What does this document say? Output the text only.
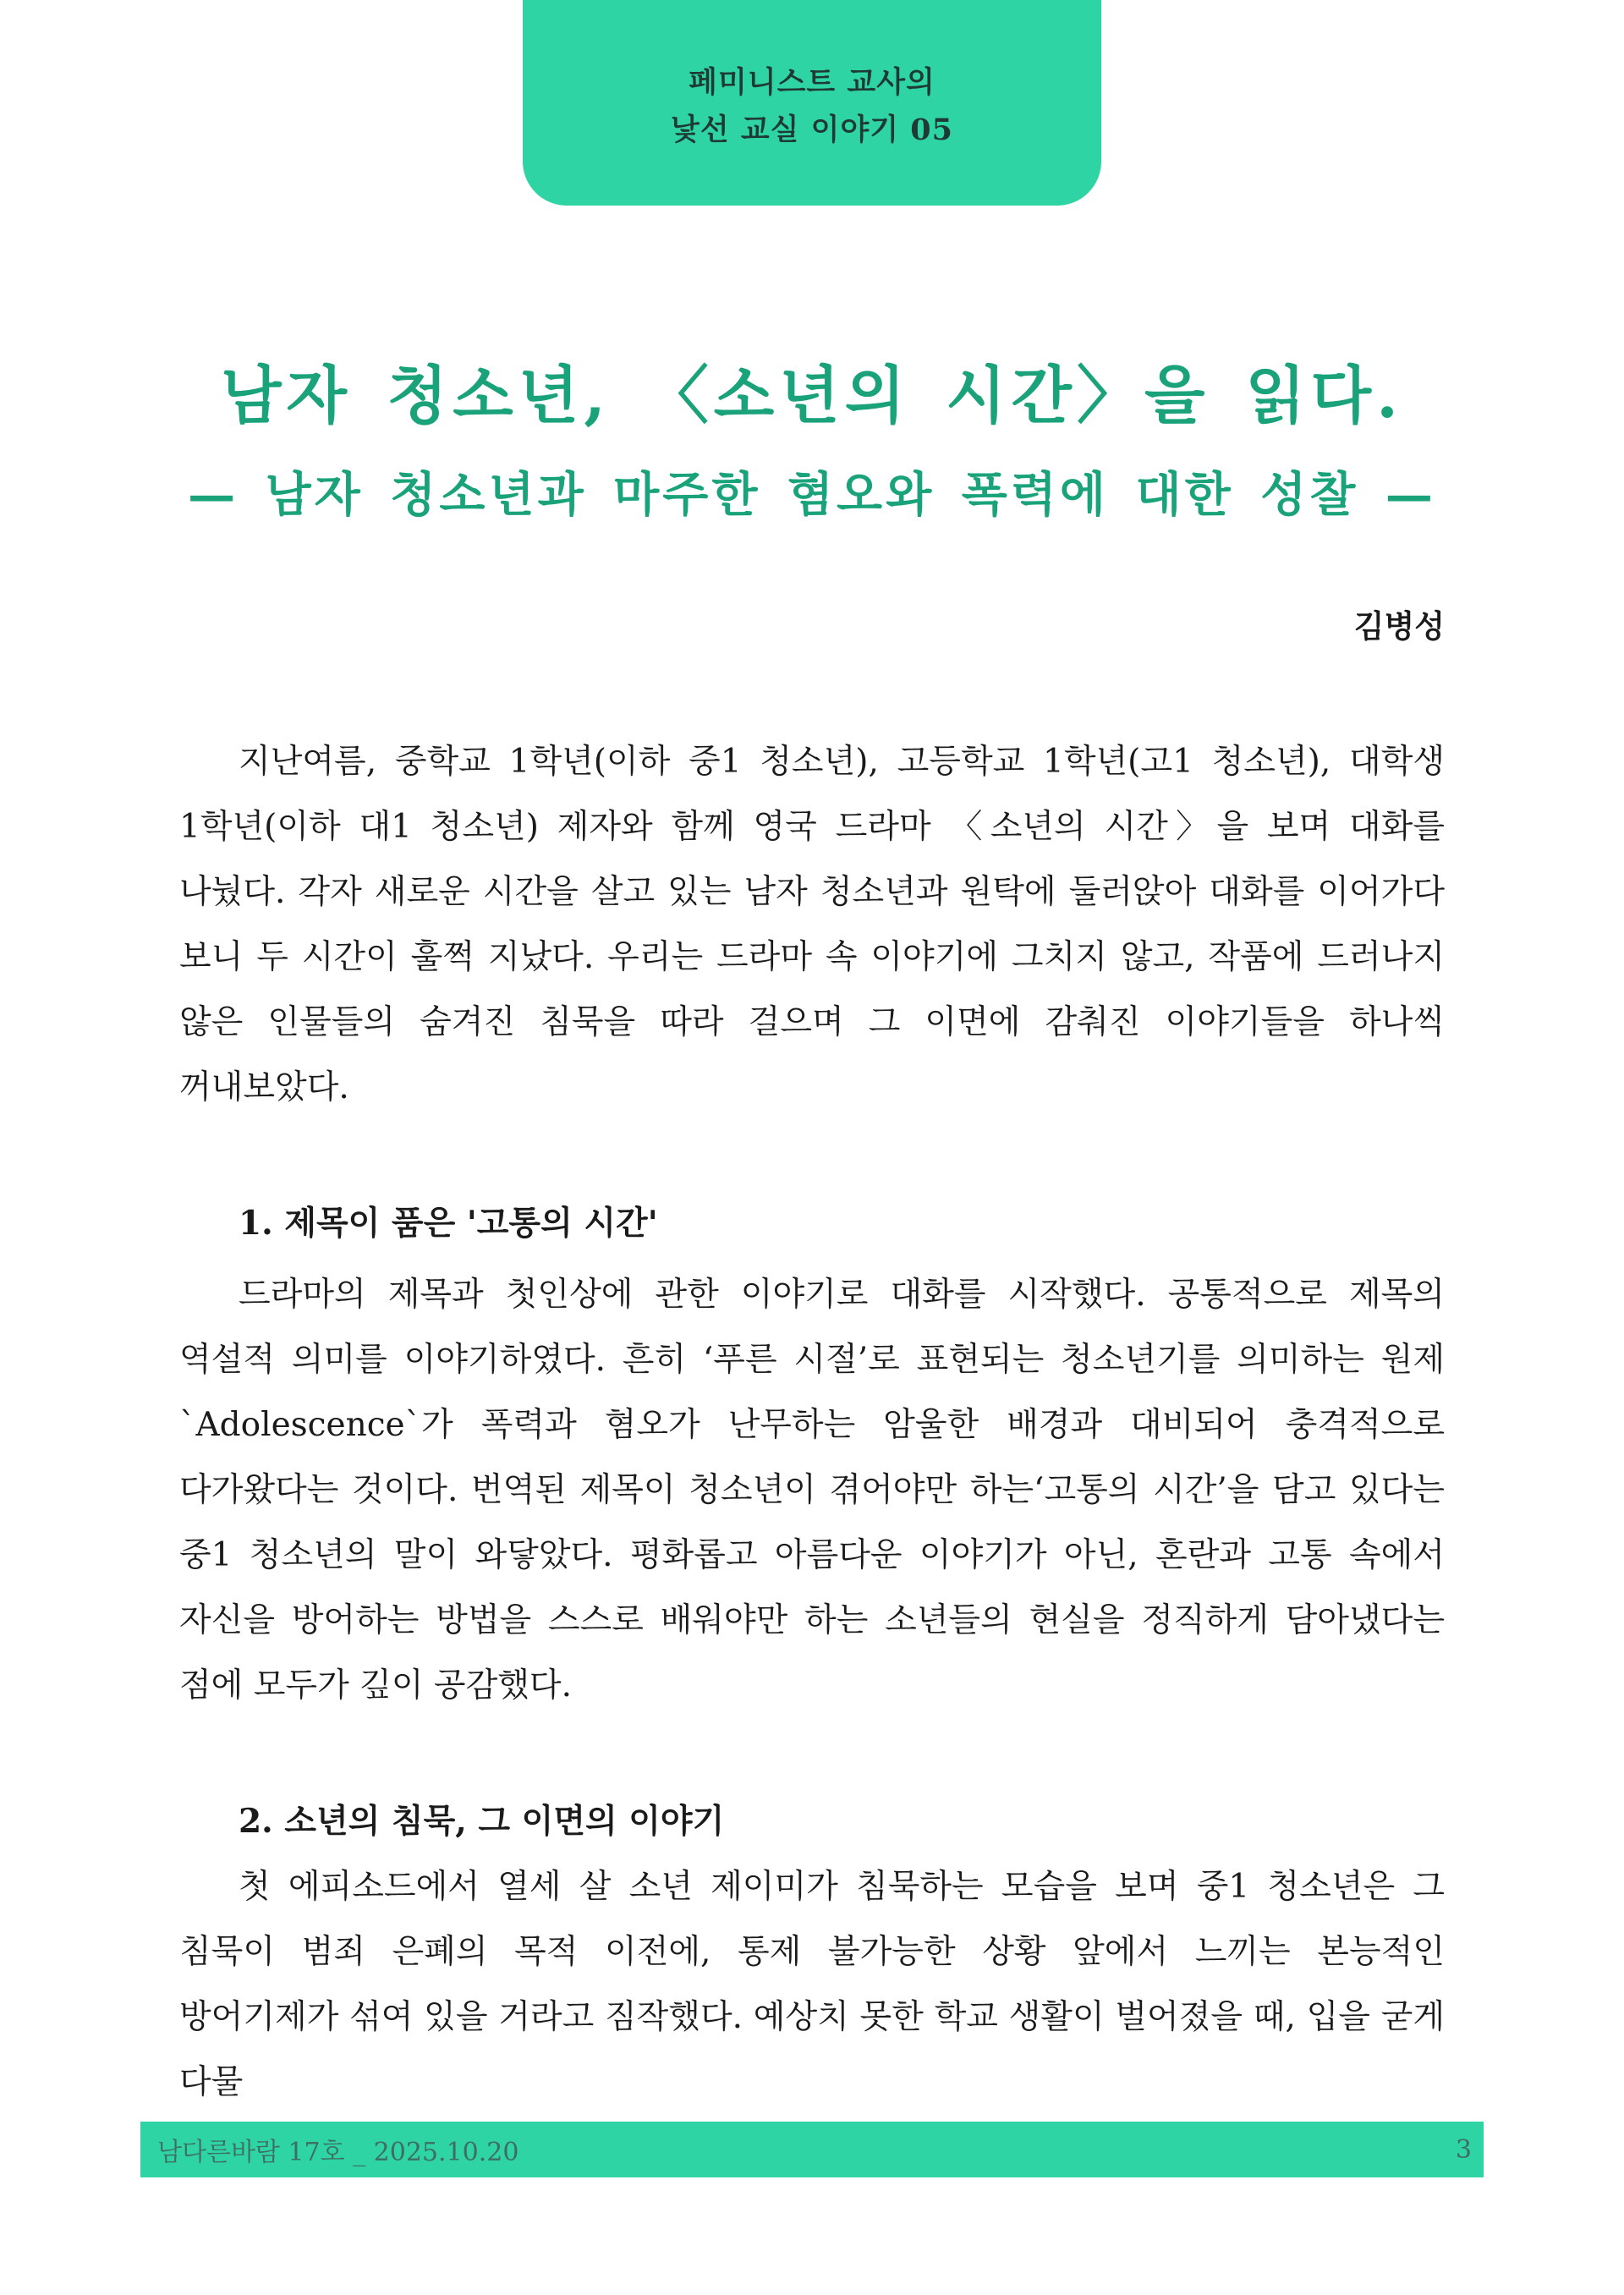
페미니스트 교사의
낯선 교실 이야기 05
남자 청소년, 〈소년의 시간〉을 읽다.
— 남자 청소년과 마주한 혐오와 폭력에 대한 성찰 —
김병성

지난여름, 중학교 1학년(이하 중1 청소년), 고등학교 1학년(고1 청소년), 대학생 1학년(이하 대1 청소년) 제자와 함께 영국 드라마 〈소년의 시간〉을 보며 대화를 나눴다. 각자 새로운 시간을 살고 있는 남자 청소년과 원탁에 둘러앉아 대화를 이어가다 보니 두 시간이 훌쩍 지났다. 우리는 드라마 속 이야기에 그치지 않고, 작품에 드러나지 않은 인물들의 숨겨진 침묵을 따라 걸으며 그 이면에 감춰진 이야기들을 하나씩 꺼내보았다.

1. 제목이 품은 '고통의 시간'

드라마의 제목과 첫인상에 관한 이야기로 대화를 시작했다. 공통적으로 제목의 역설적 의미를 이야기하였다. 흔히 ‘푸른 시절’로 표현되는 청소년기를 의미하는 원제 `Adolescence`가 폭력과 혐오가 난무하는 암울한 배경과 대비되어 충격적으로 다가왔다는 것이다. 번역된 제목이 청소년이 겪어야만 하는‘고통의 시간’을 담고 있다는 중1 청소년의 말이 와닿았다. 평화롭고 아름다운 이야기가 아닌, 혼란과 고통 속에서 자신을 방어하는 방법을 스스로 배워야만 하는 소년들의 현실을 정직하게 담아냈다는 점에 모두가 깊이 공감했다.

2. 소년의 침묵, 그 이면의 이야기

첫 에피소드에서 열세 살 소년 제이미가 침묵하는 모습을 보며 중1 청소년은 그 침묵이 범죄 은폐의 목적 이전에, 통제 불가능한 상황 앞에서 느끼는 본능적인 방어기제가 섞여 있을 거라고 짐작했다. 예상치 못한 학교 생활이 벌어졌을 때, 입을 굳게 다물

남다른바람 17호 _ 2025.10.20	3
